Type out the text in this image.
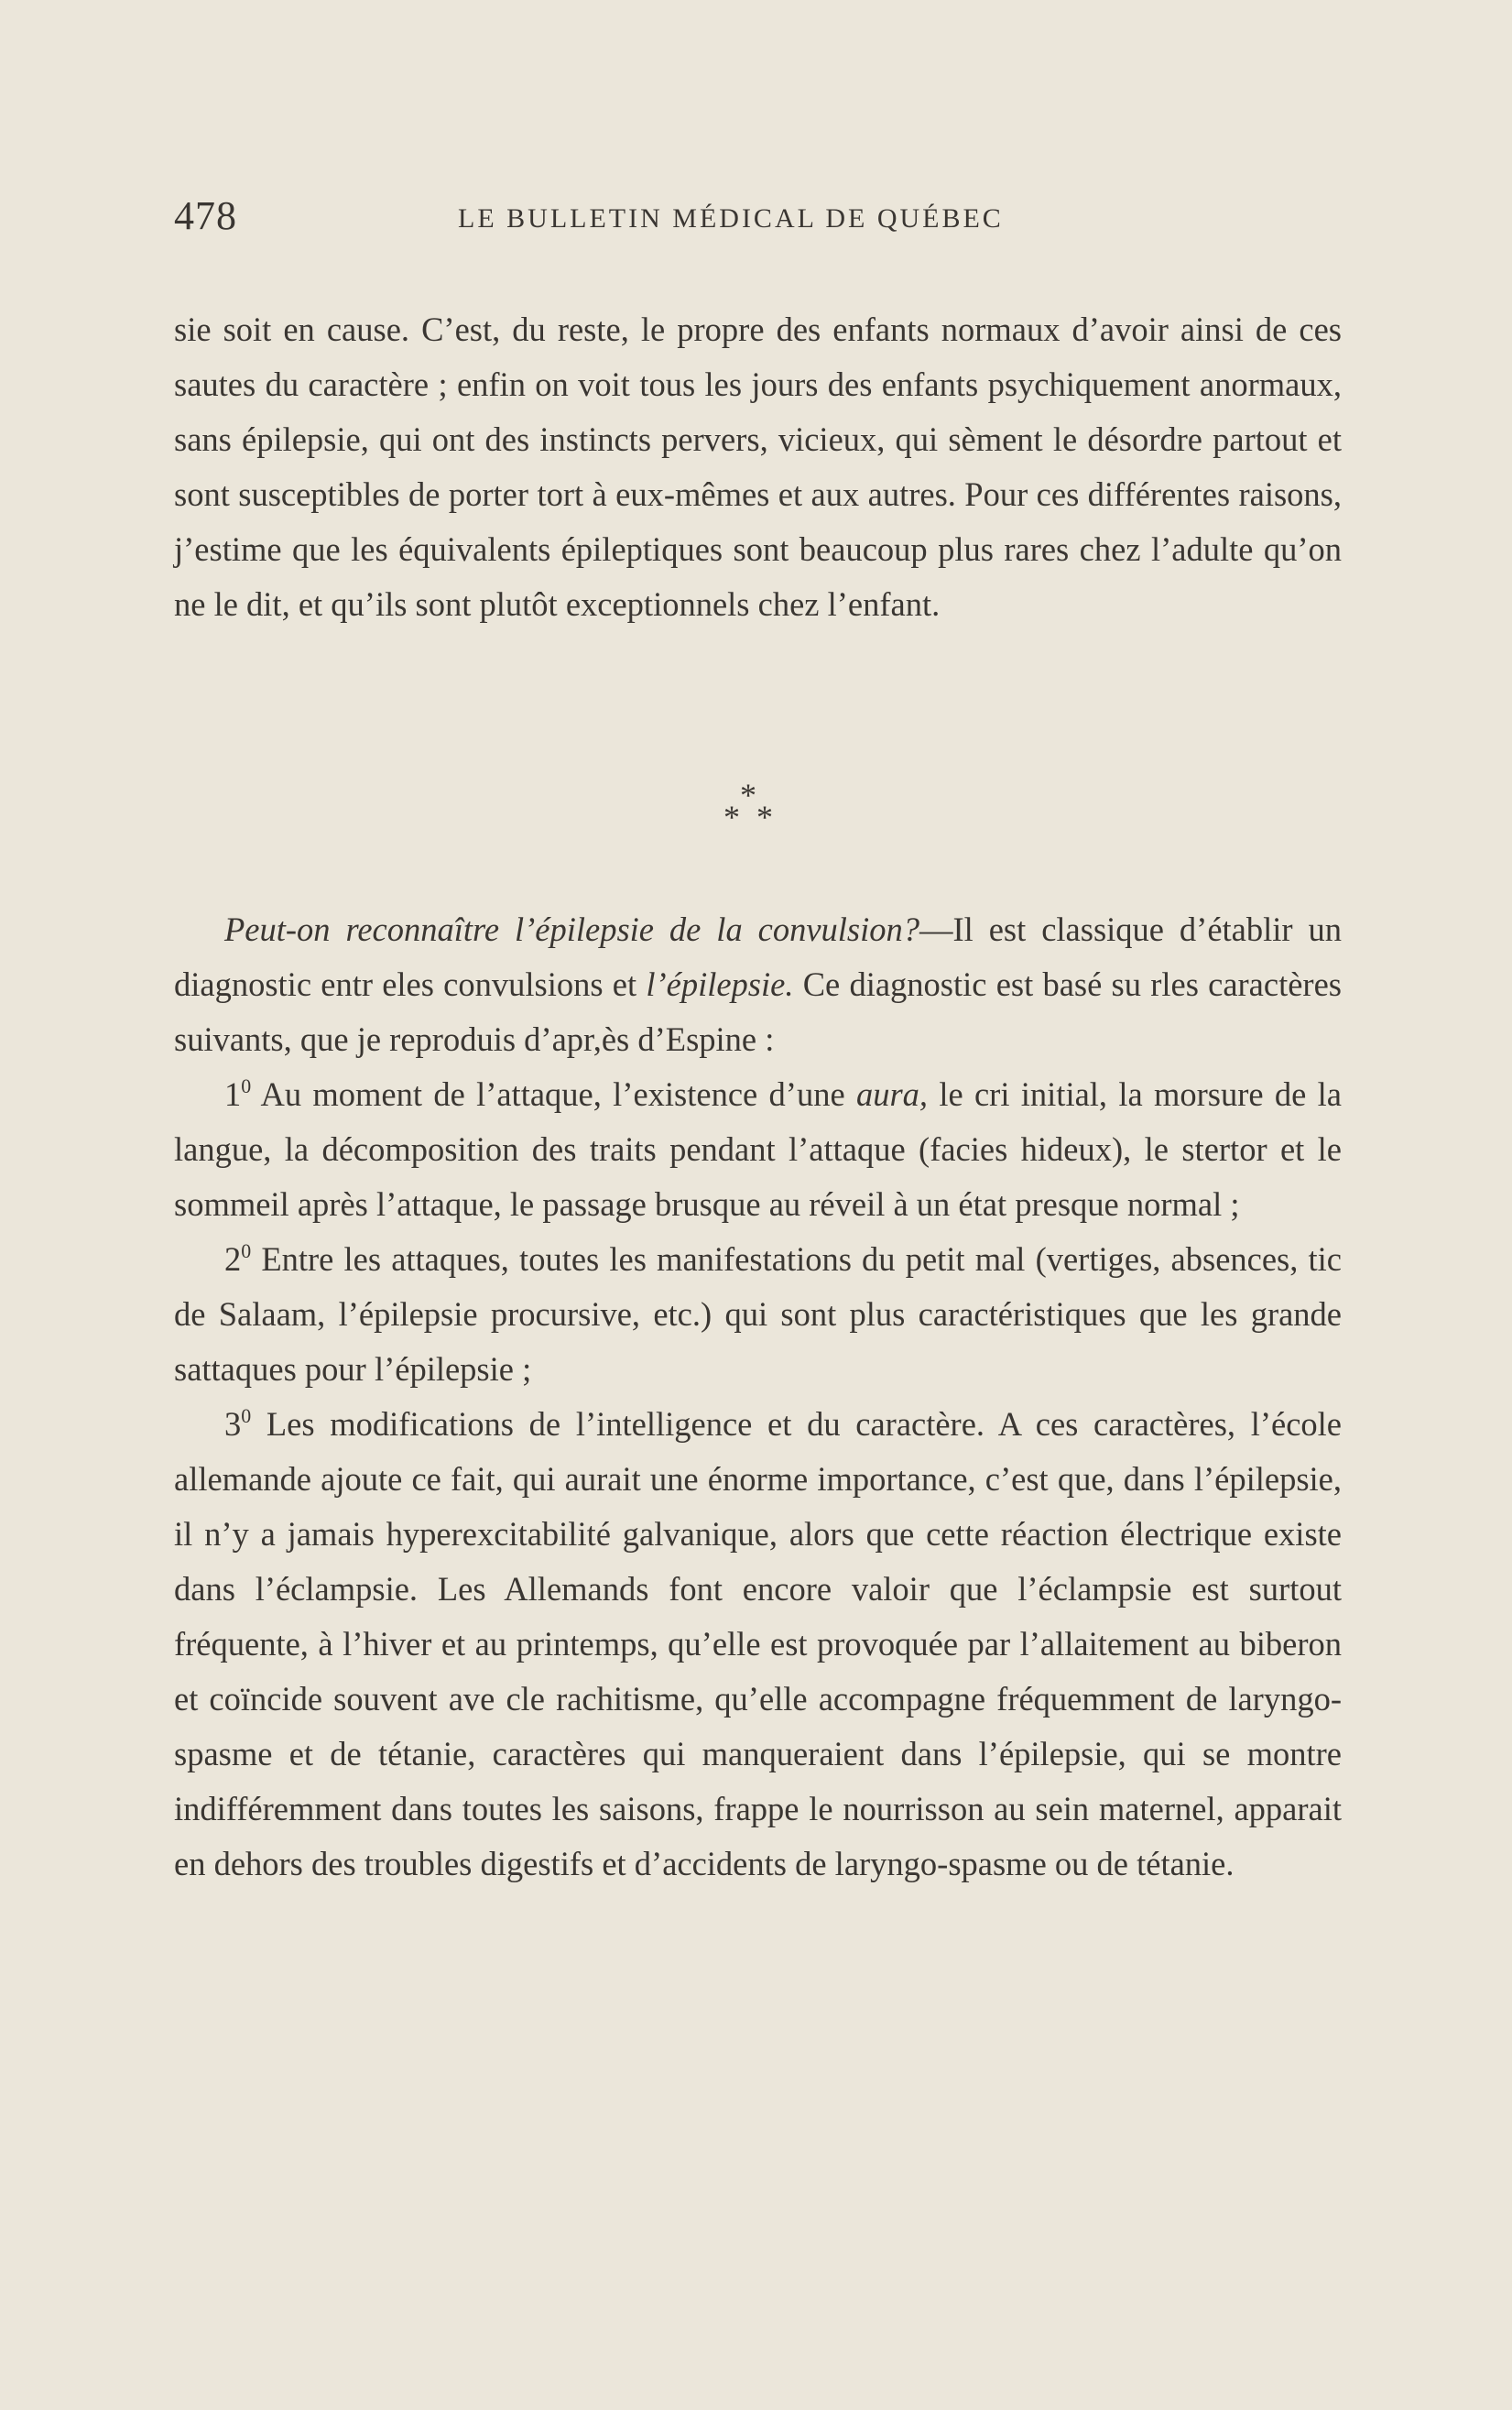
478	LE BULLETIN MÉDICAL DE QUÉBEC

sie soit en cause. C’est, du reste, le propre des enfants normaux d’avoir ainsi de ces sautes du caractère ; enfin on voit tous les jours des enfants psychiquement anormaux, sans épilepsie, qui ont des instincts pervers, vicieux, qui sèment le désordre partout et sont susceptibles de porter tort à eux-mêmes et aux autres. Pour ces différentes raisons, j’estime que les équivalents épileptiques sont beaucoup plus rares chez l’adulte qu’on ne le dit, et qu’ils sont plutôt exceptionnels chez l’enfant.

*
* *

Peut-on reconnaître l’épilepsie de la convulsion?—Il est classique d’établir un diagnostic entr eles convulsions et l’épilepsie. Ce diagnostic est basé su rles caractères suivants, que je reproduis d’apr,ès d’Espine :

$1^0$ Au moment de l’attaque, l’existence d’une aura, le cri initial, la morsure de la langue, la décomposition des traits pendant l’attaque (facies hideux), le stertor et le sommeil après l’attaque, le passage brusque au réveil à un état presque normal ;

$2^0$ Entre les attaques, toutes les manifestations du petit mal (vertiges, absences, tic de Salaam, l’épilepsie procursive, etc.) qui sont plus caractéristiques que les grande sattaques pour l’épilepsie ;

$3^0$ Les modifications de l’intelligence et du caractère. A ces caractères, l’école allemande ajoute ce fait, qui aurait une énorme importance, c’est que, dans l’épilepsie, il n’y a jamais hyperexcitabilité galvanique, alors que cette réaction électrique existe dans l’éclampsie. Les Allemands font encore valoir que l’éclampsie est surtout fréquente, à l’hiver et au printemps, qu’elle est provoquée par l’allaitement au biberon et coïncide souvent ave cle rachitisme, qu’elle accompagne fréquemment de laryngo-spasme et de tétanie, caractères qui manqueraient dans l’épilepsie, qui se montre indifféremment dans toutes les saisons, frappe le nourrisson au sein maternel, apparait en dehors des troubles digestifs et d’accidents de laryngo-spasme ou de tétanie.
